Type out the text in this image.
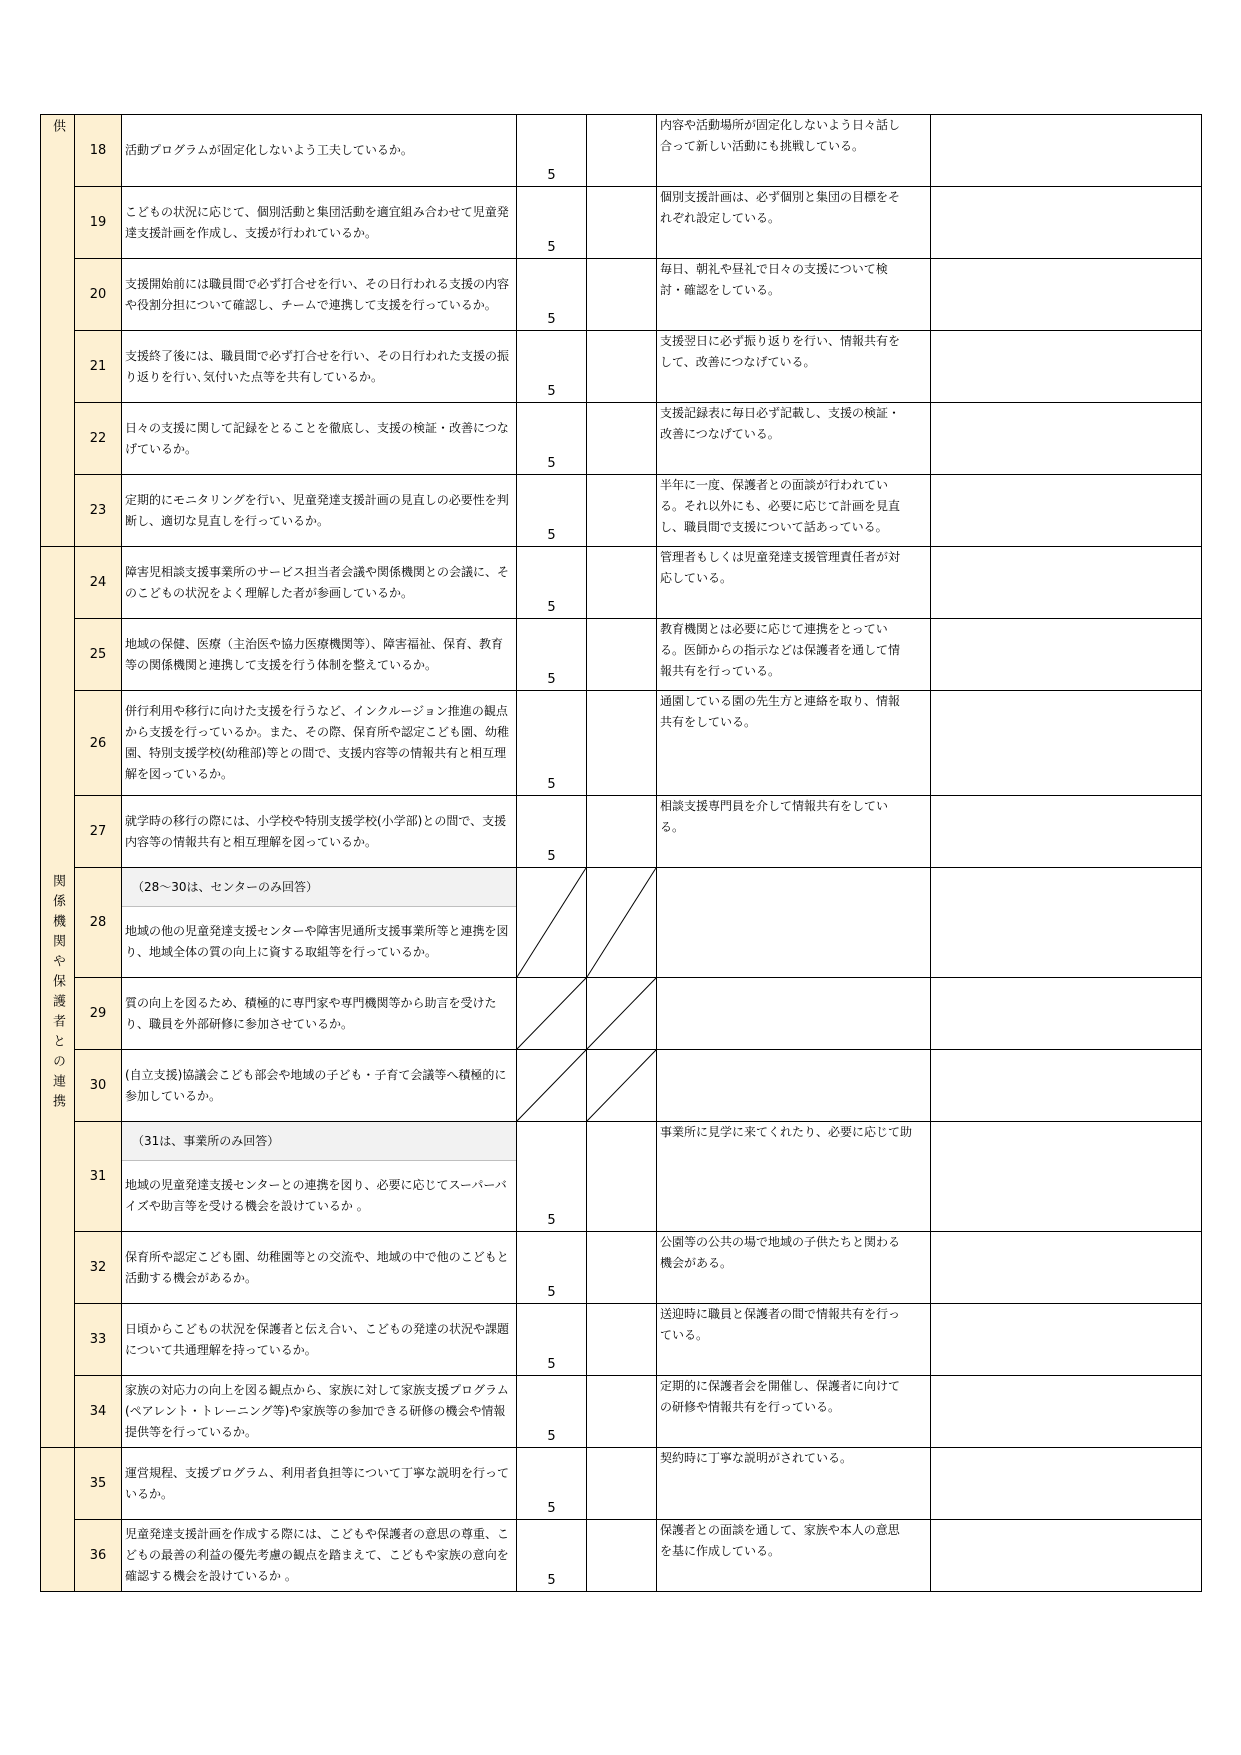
供	18	活動プログラムが固定化しないよう工夫しているか。	5		内容や活動場所が固定化しないよう日々話し
合って新しい活動にも挑戦している。	

	19	こどもの状況に応じて、個別活動と集団活動を適宜組み合わせて児童発達支援計画を作成し、支援が行われているか。	5		個別支援計画は、必ず個別と集団の目標をそ
れぞれ設定している。	

	20	支援開始前には職員間で必ず打合せを行い、その日行われる支援の内容や役割分担について確認し、チームで連携して支援を行っているか。	5		毎日、朝礼や昼礼で日々の支援について検
討・確認をしている。	

	21	支援終了後には、職員間で必ず打合せを行い、その日行われた支援の振り返りを行い､気付いた点等を共有しているか。	5		支援翌日に必ず振り返りを行い、情報共有を
して、改善につなげている。	

	22	日々の支援に関して記録をとることを徹底し、支援の検証・改善につなげているか。	5		支援記録表に毎日必ず記載し、支援の検証・
改善につなげている。	

	23	定期的にモニタリングを行い、児童発達支援計画の見直しの必要性を判断し、適切な見直しを行っているか。	5		半年に一度、保護者との面談が行われてい
る。それ以外にも、必要に応じて計画を見直
し、職員間で支援について話あっている。	

関係機関や保護者との連携	24	障害児相談支援事業所のサービス担当者会議や関係機関との会議に、そのこどもの状況をよく理解した者が参画しているか。	5		管理者もしくは児童発達支援管理責任者が対
応している。	

	25	地域の保健、医療（主治医や協力医療機関等）、障害福祉、保育、教育等の関係機関と連携して支援を行う体制を整えているか。	5		教育機関とは必要に応じて連携をとってい
る。医師からの指示などは保護者を通して情
報共有を行っている。	

	26	併行利用や移行に向けた支援を行うなど、インクルージョン推進の観点から支援を行っているか。また、その際、保育所や認定こども園、幼稚園、特別支援学校(幼稚部)等との間で、支援内容等の情報共有と相互理解を図っているか。	5		通園している園の先生方と連絡を取り、情報
共有をしている。	

	27	就学時の移行の際には、小学校や特別支援学校(小学部)との間で、支援内容等の情報共有と相互理解を図っているか。	5		相談支援専門員を介して情報共有をしてい
る。	

	28	（28～30は、センターのみ回答）
地域の他の児童発達支援センターや障害児通所支援事業所等と連携を図り、地域全体の質の向上に資する取組等を行っているか。

	29	質の向上を図るため、積極的に専門家や専門機関等から助言を受けたり、職員を外部研修に参加させているか。

	30	(自立支援)協議会こども部会や地域の子ども・子育て会議等へ積極的に参加しているか。

	31	（31は、事業所のみ回答）
地域の児童発達支援センターとの連携を図り、必要に応じてスーパーバイズや助言等を受ける機会を設けているか 。	5		事業所に見学に来てくれたり、必要に応じて助	

	32	保育所や認定こども園、幼稚園等との交流や、地域の中で他のこどもと活動する機会があるか。	5		公園等の公共の場で地域の子供たちと関わる
機会がある。	

	33	日頃からこどもの状況を保護者と伝え合い、こどもの発達の状況や課題について共通理解を持っているか。	5		送迎時に職員と保護者の間で情報共有を行っ
ている。	

	34	家族の対応力の向上を図る観点から、家族に対して家族支援プログラム(ペアレント・トレーニング等)や家族等の参加できる研修の機会や情報提供等を行っているか。	5		定期的に保護者会を開催し、保護者に向けて
の研修や情報共有を行っている。	

	35	運営規程、支援プログラム、利用者負担等について丁寧な説明を行っているか。	5		契約時に丁寧な説明がされている。	

	36	児童発達支援計画を作成する際には、こどもや保護者の意思の尊重、こどもの最善の利益の優先考慮の観点を踏まえて、こどもや家族の意向を確認する機会を設けているか 。	5		保護者との面談を通して、家族や本人の意思
を基に作成している。	
